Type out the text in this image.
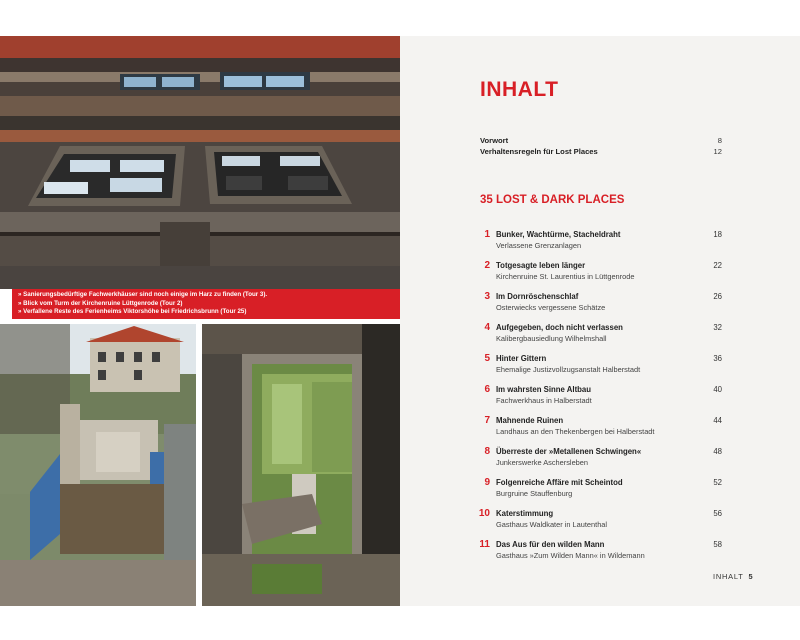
» Sanierungsbedürftige Fachwerkhäuser sind noch einige im Harz zu finden (Tour 3).
» Blick vom Turm der Kirchenruine Lüttgenrode (Tour 2)
» Verfallene Reste des Ferienheims Viktorshöhe bei Friedrichsbrunn (Tour 25)
INHALT
Vorwort	8
Verhaltensregeln für Lost Places	12
35 LOST & DARK PLACES
1 Bunker, Wachtürme, Stacheldraht
Verlassene Grenzanlagen
18
2 Totgesagte leben länger
Kirchenruine St. Laurentius in Lüttgenrode
22
3 Im Dornröschenschlaf
Osterwiecks vergessene Schätze
26
4 Aufgegeben, doch nicht verlassen
Kalibergbausiedlung Wilhelmshall
32
5 Hinter Gittern
Ehemalige Justizvollzugsanstalt Halberstadt
36
6 Im wahrsten Sinne Altbau
Fachwerkhaus in Halberstadt
40
7 Mahnende Ruinen
Landhaus an den Thekenbergen bei Halberstadt
44
8 Überreste der »Metallenen Schwingen«
Junkerswerke Aschersleben
48
9 Folgenreiche Affäre mit Scheintod
Burgruine Stauffenburg
52
10 Katerstimmung
Gasthaus Waldkater in Lautenthal
56
11 Das Aus für den wilden Mann
Gasthaus »Zum Wilden Mann« in Wildemann
58
INHALT 5
